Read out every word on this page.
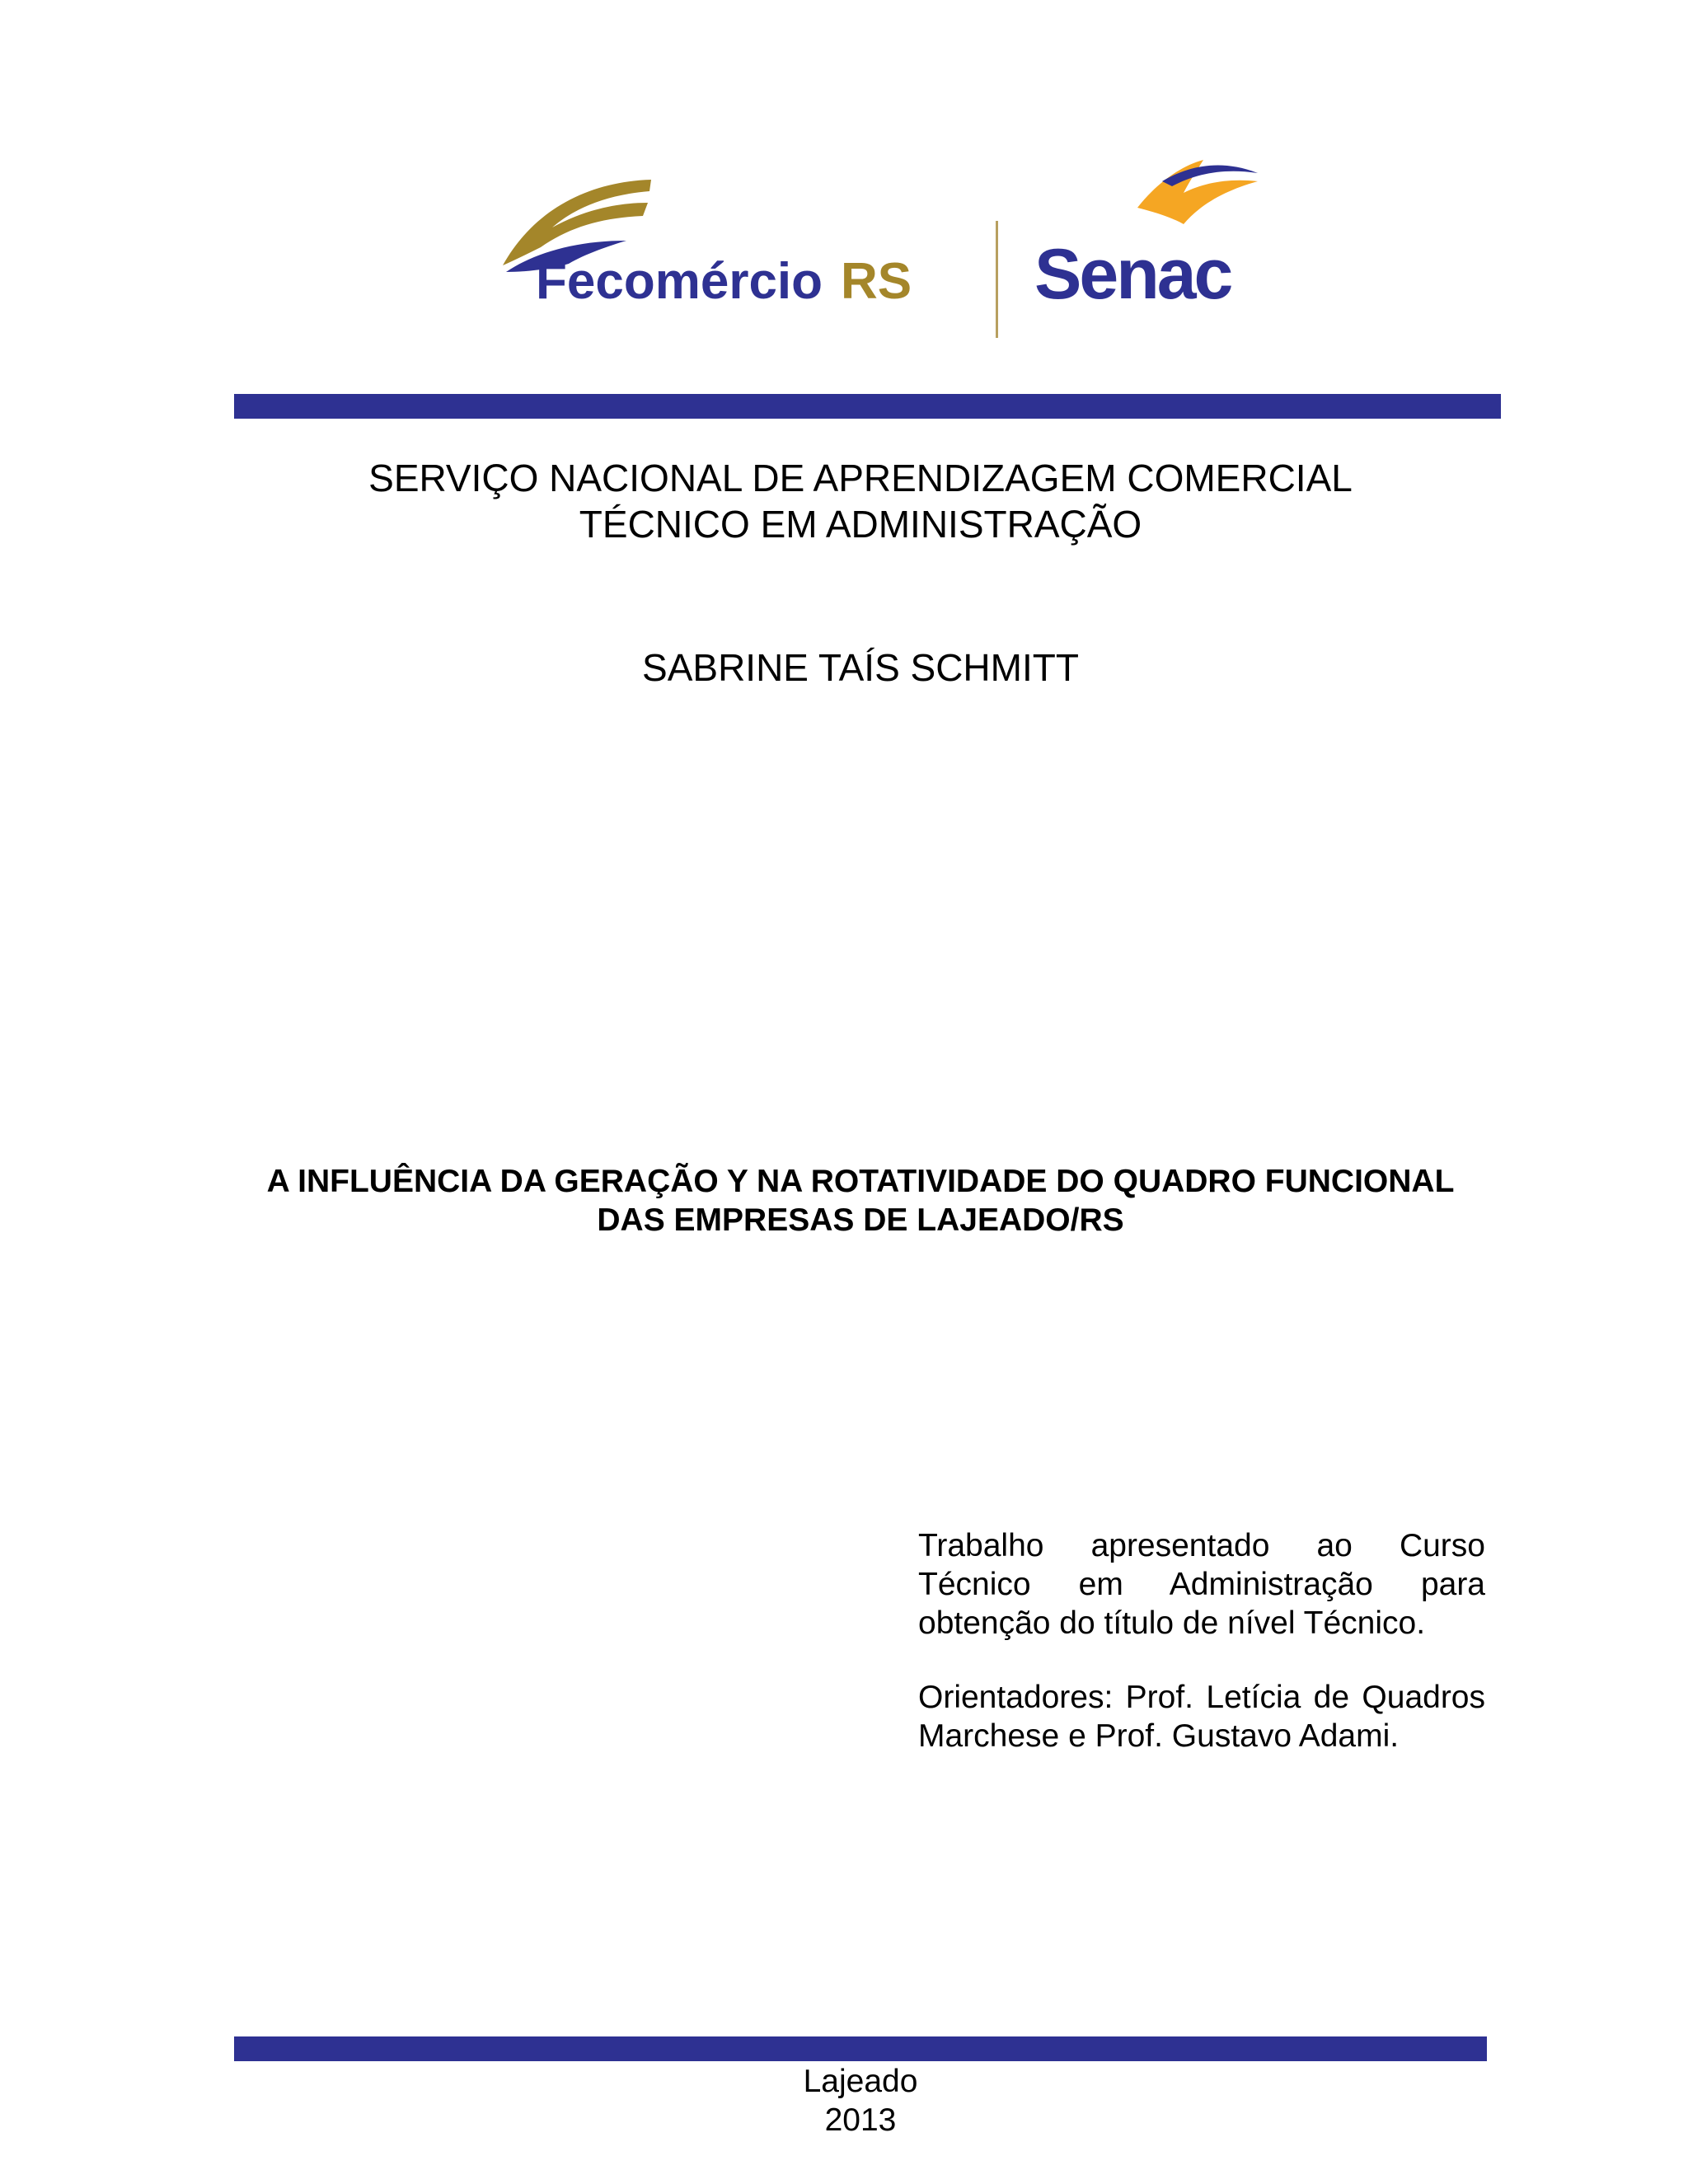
Fecomércio RS Senac
SERVIÇO NACIONAL DE APRENDIZAGEM COMERCIAL
TÉCNICO EM ADMINISTRAÇÃO
SABRINE TAÍS SCHMITT
A INFLUÊNCIA DA GERAÇÃO Y NA ROTATIVIDADE DO QUADRO FUNCIONAL
DAS EMPRESAS DE LAJEADO/RS
Trabalho apresentado ao Curso Técnico em Administração para obtenção do título de nível Técnico.
Orientadores: Prof. Letícia de Quadros Marchese e Prof. Gustavo Adami.
Lajeado
2013
